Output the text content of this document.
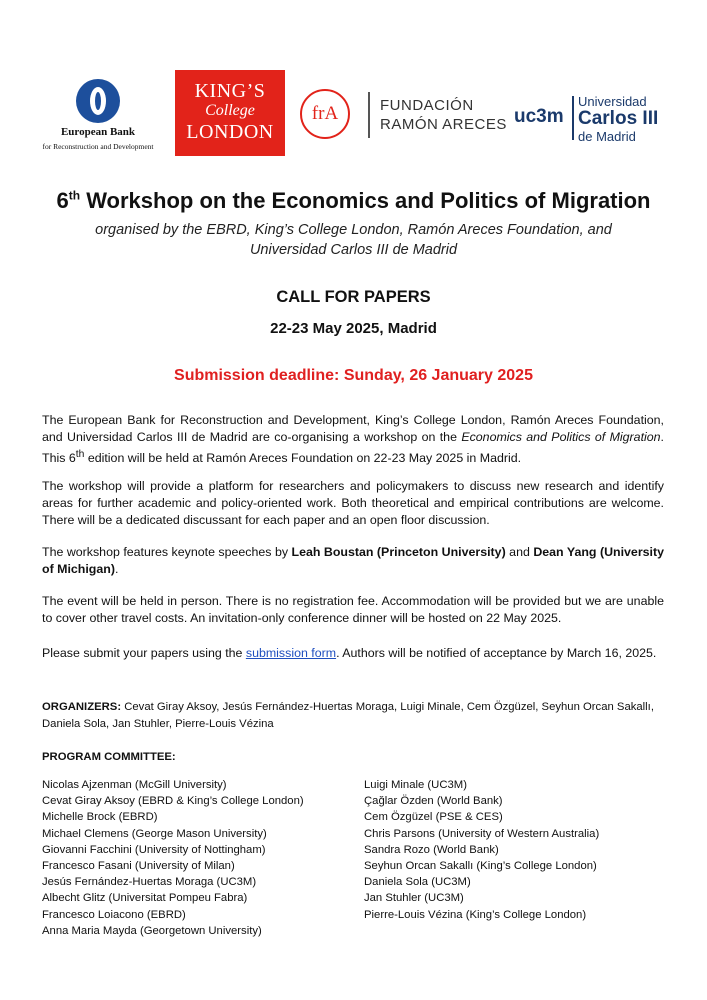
European Bank
for Reconstruction and Development
KING’S
College
LONDON
frA	FUNDACIÓN
RAMÓN ARECES uc3m
Universidad
Carlos III
de Madrid
6th Workshop on the Economics and Politics of Migration
organised by the EBRD, King’s College London, Ramón Areces Foundation, and Universidad Carlos III de Madrid
CALL FOR PAPERS
22-23 May 2025, Madrid
Submission deadline: Sunday, 26 January 2025
The European Bank for Reconstruction and Development, King’s College London, Ramón Areces Foundation, and Universidad Carlos III de Madrid are co-organising a workshop on the Economics and Politics of Migration. This 6th edition will be held at Ramón Areces Foundation on 22-23 May 2025 in Madrid.
The workshop will provide a platform for researchers and policymakers to discuss new research and identify areas for further academic and policy-oriented work. Both theoretical and empirical contributions are welcome. There will be a dedicated discussant for each paper and an open floor discussion.
The workshop features keynote speeches by Leah Boustan (Princeton University) and Dean Yang (University of Michigan).
The event will be held in person. There is no registration fee. Accommodation will be provided but we are unable to cover other travel costs. An invitation-only conference dinner will be hosted on 22 May 2025.
Please submit your papers using the submission form. Authors will be notified of acceptance by March 16, 2025.
ORGANIZERS: Cevat Giray Aksoy, Jesús Fernández-Huertas Moraga, Luigi Minale, Cem Özgüzel, Seyhun Orcan Sakallı, Daniela Sola, Jan Stuhler, Pierre-Louis Vézina
PROGRAM COMMITTEE:
Nicolas Ajzenman (McGill University)
Cevat Giray Aksoy (EBRD & King’s College London)
Michelle Brock (EBRD)
Michael Clemens (George Mason University)
Giovanni Facchini (University of Nottingham)
Francesco Fasani (University of Milan)
Jesús Fernández-Huertas Moraga (UC3M)
Albecht Glitz (Universitat Pompeu Fabra)
Francesco Loiacono (EBRD)
Anna Maria Mayda (Georgetown University)
Luigi Minale (UC3M)
Çağlar Özden (World Bank)
Cem Özgüzel (PSE & CES)
Chris Parsons (University of Western Australia)
Sandra Rozo (World Bank)
Seyhun Orcan Sakallı (King’s College London)
Daniela Sola (UC3M)
Jan Stuhler (UC3M)
Pierre-Louis Vézina (King’s College London)
